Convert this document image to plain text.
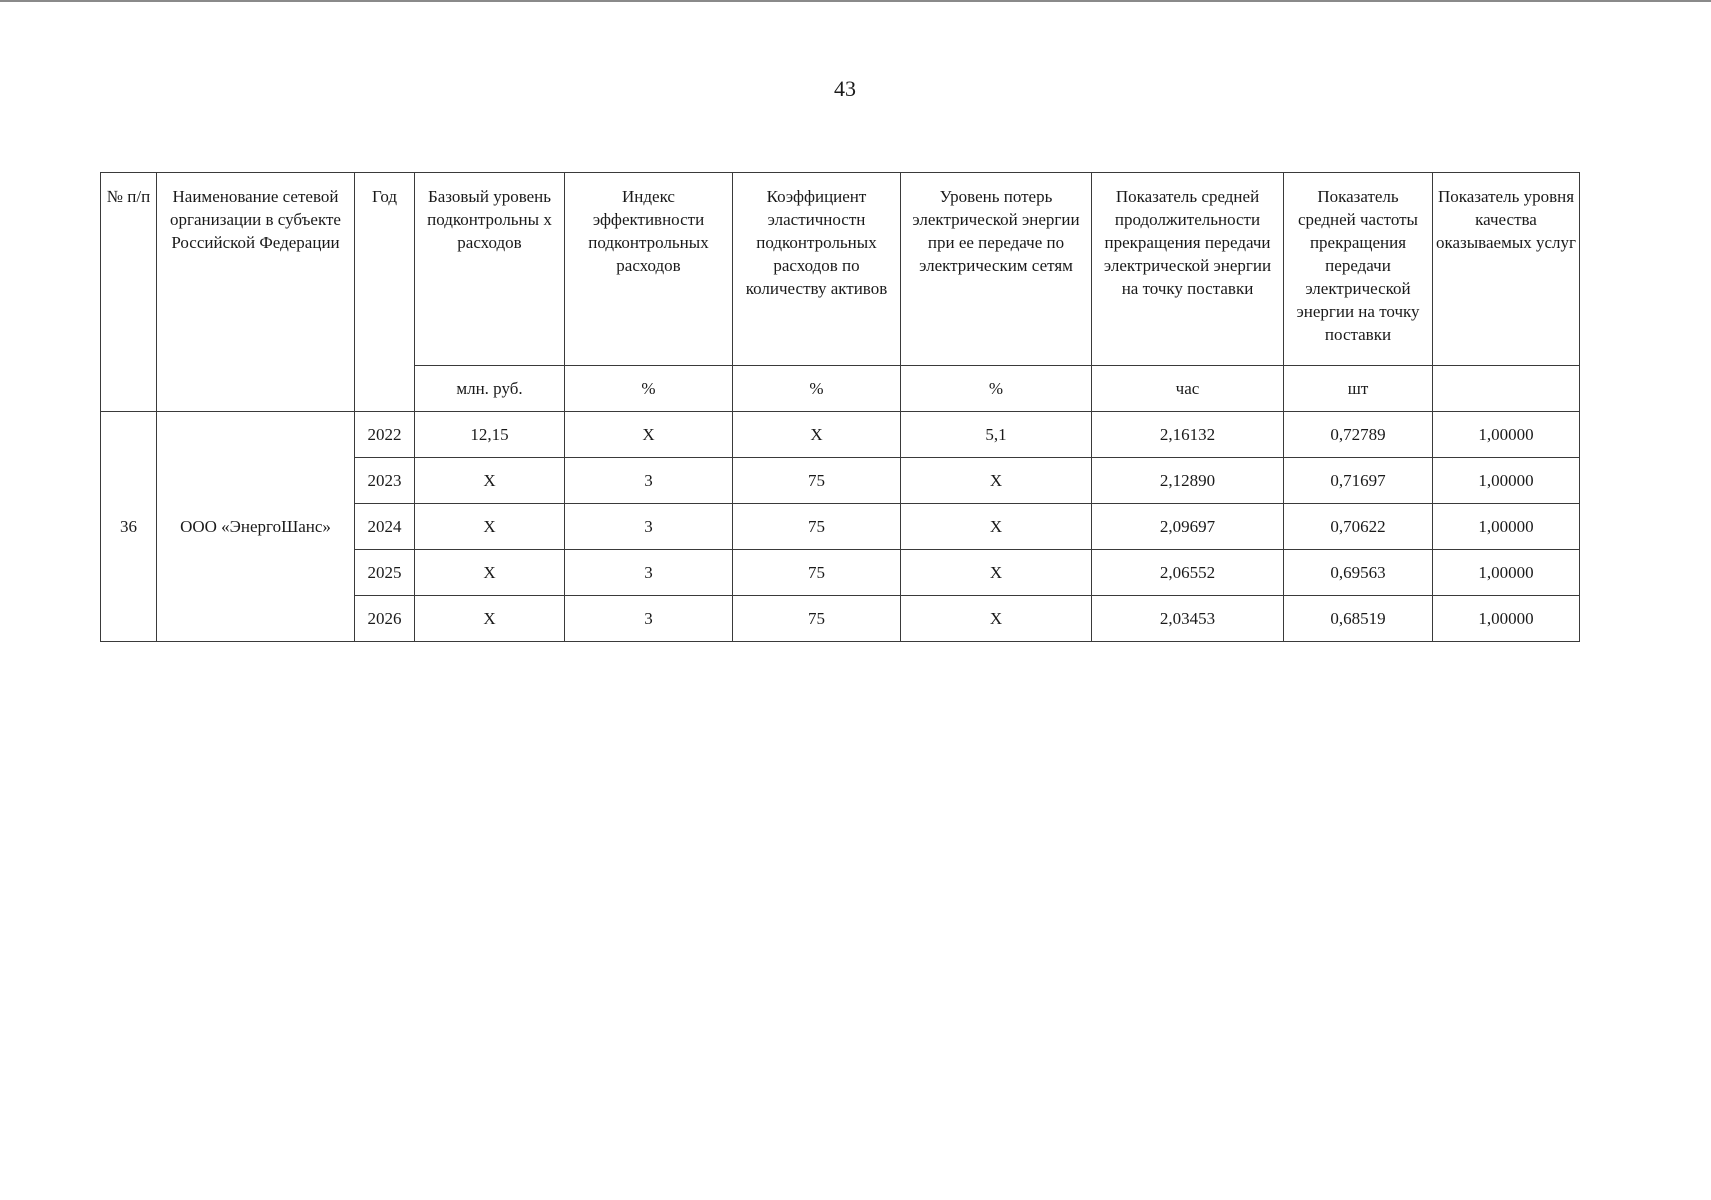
43
№ п/п	Наименование сетевой организации в субъекте Российской Федерации	Год	Базовый уровень подконтрольны х расходов	Индекс эффективности подконтрольных расходов	Коэффициент эластичностн подконтрольных расходов по количеству активов	Уровень потерь электрической энергии при ее передаче по электрическим сетям	Показатель средней продолжительности прекращения передачи электрической энергии на точку поставки	Показатель средней частоты прекращения передачи электрической энергии на точку поставки	Показатель уровня качества оказываемых услуг
			млн. руб.	%	%	%	час	шт	
36	ООО «ЭнергоШанс»	2022	12,15	X	X	5,1	2,16132	0,72789	1,00000
		2023	X	3	75	X	2,12890	0,71697	1,00000
		2024	X	3	75	X	2,09697	0,70622	1,00000
		2025	X	3	75	X	2,06552	0,69563	1,00000
		2026	X	3	75	X	2,03453	0,68519	1,00000
